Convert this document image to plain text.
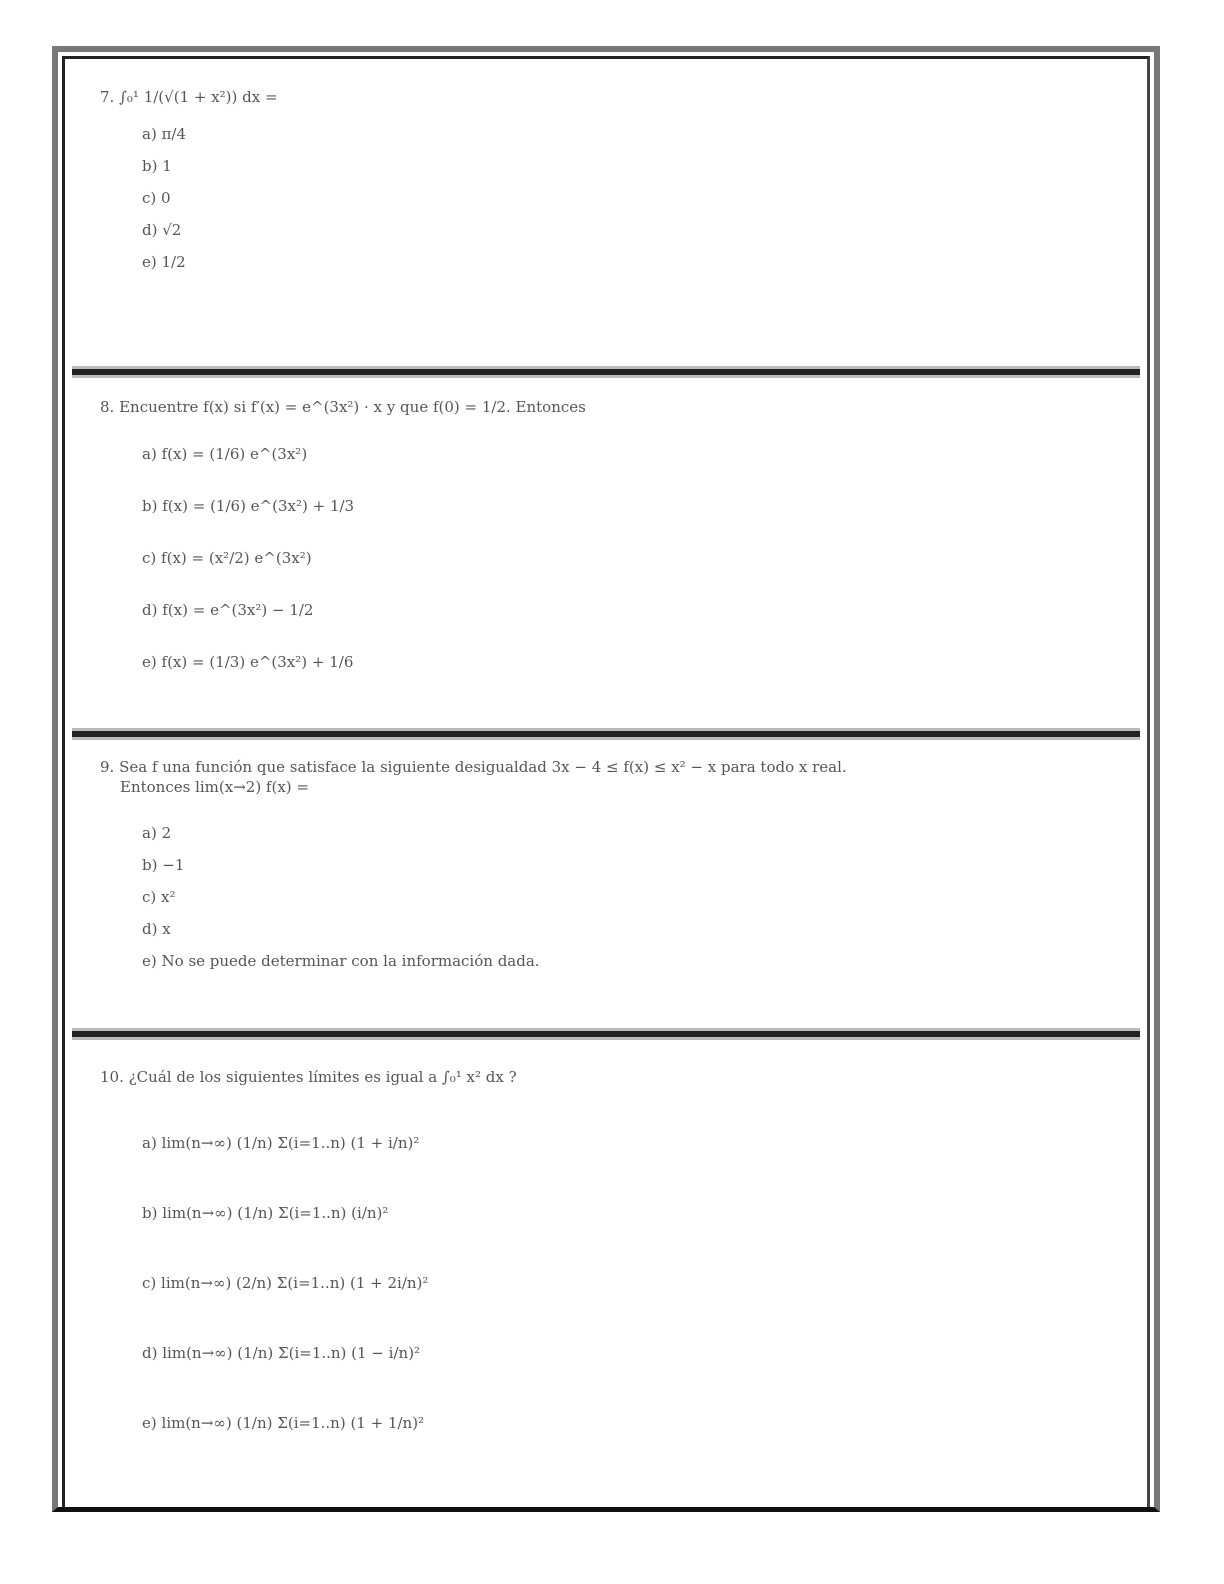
7. ∫₀¹ 1/(√(1 + x²)) dx =

a) π/4

b) 1

c) 0

d) √2

e) 1/2

8. Encuentre f(x) si f′(x) = e^(3x²) · x y que f(0) = 1/2. Entonces

a) f(x) = (1/6) e^(3x²)

b) f(x) = (1/6) e^(3x²) + 1/3

c) f(x) = (x²/2) e^(3x²)

d) f(x) = e^(3x²) − 1/2

e) f(x) = (1/3) e^(3x²) + 1/6

9. Sea f una función que satisface la siguiente desigualdad 3x − 4 ≤ f(x) ≤ x² − x para todo x real. Entonces lim(x→2) f(x) =

a) 2

b) −1

c) x²

d) x

e) No se puede determinar con la información dada.

10. ¿Cuál de los siguientes límites es igual a ∫₀¹ x² dx ?

a) lim(n→∞) (1/n) Σ(i=1..n) (1 + i/n)²

b) lim(n→∞) (1/n) Σ(i=1..n) (i/n)²

c) lim(n→∞) (2/n) Σ(i=1..n) (1 + 2i/n)²

d) lim(n→∞) (1/n) Σ(i=1..n) (1 − i/n)²

e) lim(n→∞) (1/n) Σ(i=1..n) (1 + 1/n)²
